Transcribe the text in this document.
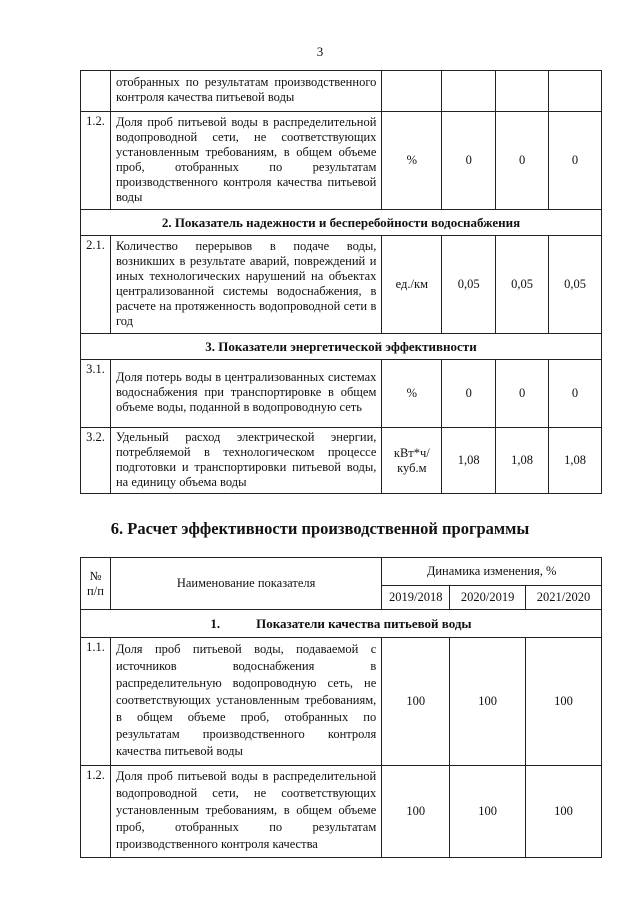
3
	отобранных по результатам производственного контроля качества питьевой воды				
1.2.	Доля проб питьевой воды в распределительной водопроводной сети, не соответствующих установленным требованиям, в общем объеме проб, отобранных по результатам производственного контроля качества питьевой воды	%	0	0	0
2. Показатель надежности и бесперебойности водоснабжения					
2.1.	Количество перерывов в подаче воды, возникших в результате аварий, повреждений и иных технологических нарушений на объектах централизованной системы водоснабжения, в расчете на протяженность водопроводной сети в год	ед./км	0,05	0,05	0,05
3. Показатели энергетической эффективности					
3.1.	Доля потерь воды в централизованных системах водоснабжения при транспортировке в общем объеме воды, поданной в водопроводную сеть	%	0	0	0
3.2.	Удельный расход электрической энергии, потребляемой в технологическом процессе подготовки и транспортировки питьевой воды, на единицу объема воды	кВт*ч/
куб.м	1,08	1,08	1,08
6. Расчет эффективности производственной программы
№
п/п	Наименование показателя	Динамика изменения, %		
		2019/2018	2020/2019	2021/2020
1. Показатели качества питьевой воды				
1.1.	Доля проб питьевой воды, подаваемой с источников водоснабжения в распределительную водопроводную сеть, не соответствующих установленным требованиям, в общем объеме проб, отобранных по результатам производственного контроля качества питьевой воды	100	100	100
1.2.	Доля проб питьевой воды в распределительной водопроводной сети, не соответствующих установленным требованиям, в общем объеме проб, отобранных по результатам производственного контроля качества	100	100	100
